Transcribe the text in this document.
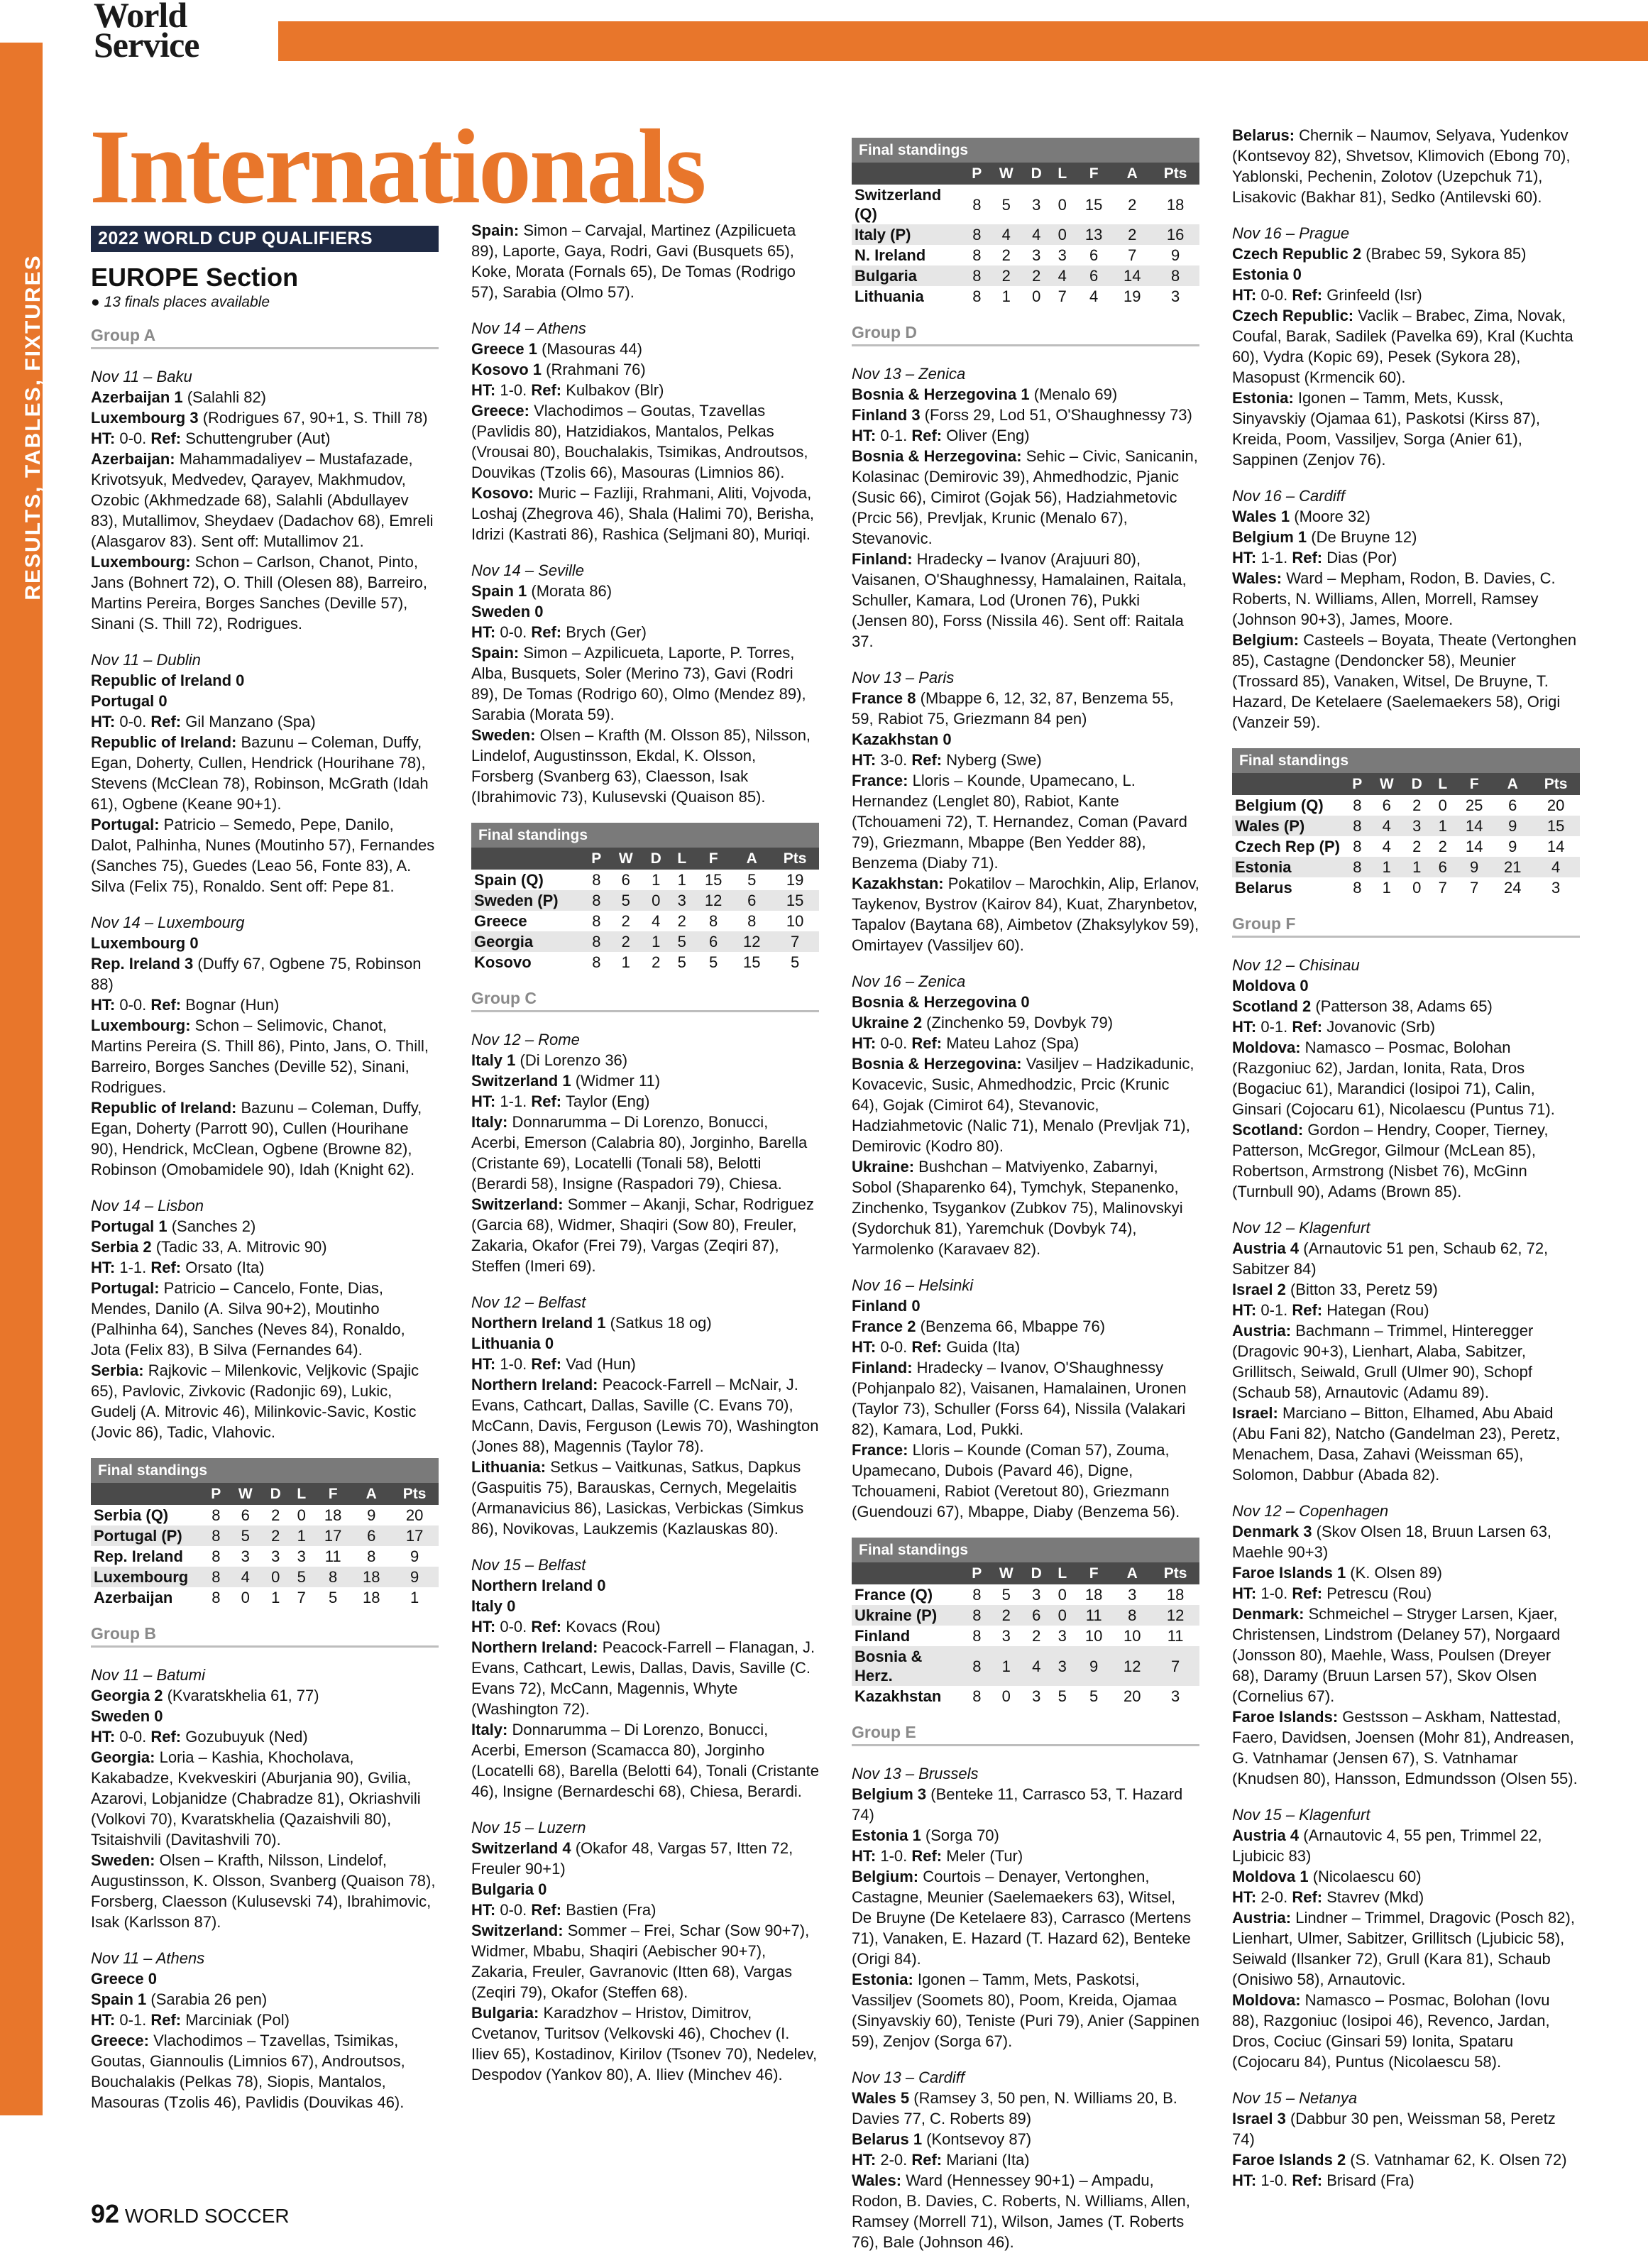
World
Service
RESULTS, TABLES, FIXTURES
Internationals
2022 WORLD CUP QUALIFIERS
EUROPE Section
● 13 finals places available
Group A
Nov 11 – Baku
Azerbaijan 1 (Salahli 82)
Luxembourg 3 (Rodrigues 67, 90+1, S. Thill 78)
HT: 0-0. Ref: Schuttengruber (Aut)
Azerbaijan: Mahammadaliyev – Mustafazade, Krivotsyuk, Medvedev, Qarayev, Makhmudov, Ozobic (Akhmedzade 68), Salahli (Abdullayev 83), Mutallimov, Sheydaev (Dadachov 68), Emreli (Alasgarov 83). Sent off: Mutallimov 21.
Luxembourg: Schon – Carlson, Chanot, Pinto, Jans (Bohnert 72), O. Thill (Olesen 88), Barreiro, Martins Pereira, Borges Sanches (Deville 57), Sinani (S. Thill 72), Rodrigues.
Nov 11 – Dublin
Republic of Ireland 0
Portugal 0
HT: 0-0. Ref: Gil Manzano (Spa)
Republic of Ireland: Bazunu – Coleman, Duffy, Egan, Doherty, Cullen, Hendrick (Hourihane 78), Stevens (McClean 78), Robinson, McGrath (Idah 61), Ogbene (Keane 90+1).
Portugal: Patricio – Semedo, Pepe, Danilo, Dalot, Palhinha, Nunes (Moutinho 57), Fernandes (Sanches 75), Guedes (Leao 56, Fonte 83), A. Silva (Felix 75), Ronaldo. Sent off: Pepe 81.
Nov 14 – Luxembourg
Luxembourg 0
Rep. Ireland 3 (Duffy 67, Ogbene 75, Robinson 88)
HT: 0-0. Ref: Bognar (Hun)
Luxembourg: Schon – Selimovic, Chanot, Martins Pereira (S. Thill 86), Pinto, Jans, O. Thill, Barreiro, Borges Sanches (Deville 52), Sinani, Rodrigues.
Republic of Ireland: Bazunu – Coleman, Duffy, Egan, Doherty (Parrott 90), Cullen (Hourihane 90), Hendrick, McClean, Ogbene (Browne 82), Robinson (Omobamidele 90), Idah (Knight 62).
Nov 14 – Lisbon
Portugal 1 (Sanches 2)
Serbia 2 (Tadic 33, A. Mitrovic 90)
HT: 1-1. Ref: Orsato (Ita)
Portugal: Patricio – Cancelo, Fonte, Dias, Mendes, Danilo (A. Silva 90+2), Moutinho (Palhinha 64), Sanches (Neves 84), Ronaldo, Jota (Felix 83), B Silva (Fernandes 64).
Serbia: Rajkovic – Milenkovic, Veljkovic (Spajic 65), Pavlovic, Zivkovic (Radonjic 69), Lukic, Gudelj (A. Mitrovic 46), Milinkovic-Savic, Kostic (Jovic 86), Tadic, Vlahovic.
Final standings
	P	W	D	L	F	A	Pts
Serbia (Q)	8	6	2	0	18	9	20
Portugal (P)	8	5	2	1	17	6	17
Rep. Ireland	8	3	3	3	11	8	9
Luxembourg	8	4	0	5	8	18	9
Azerbaijan	8	0	1	7	5	18	1
Group B
Nov 11 – Batumi
Georgia 2 (Kvaratskhelia 61, 77)
Sweden 0
HT: 0-0. Ref: Gozubuyuk (Ned)
Georgia: Loria – Kashia, Khocholava, Kakabadze, Kvekveskiri (Aburjania 90), Gvilia, Azarovi, Lobjanidze (Chabradze 81), Okriashvili (Volkovi 70), Kvaratskhelia (Qazaishvili 80), Tsitaishvili (Davitashvili 70).
Sweden: Olsen – Krafth, Nilsson, Lindelof, Augustinsson, K. Olsson, Svanberg (Quaison 78), Forsberg, Claesson (Kulusevski 74), Ibrahimovic, Isak (Karlsson 87).
Nov 11 – Athens
Greece 0
Spain 1 (Sarabia 26 pen)
HT: 0-1. Ref: Marciniak (Pol)
Greece: Vlachodimos – Tzavellas, Tsimikas, Goutas, Giannoulis (Limnios 67), Androutsos, Bouchalakis (Pelkas 78), Siopis, Mantalos, Masouras (Tzolis 46), Pavlidis (Douvikas 46).
Spain: Simon – Carvajal, Martinez (Azpilicueta 89), Laporte, Gaya, Rodri, Gavi (Busquets 65), Koke, Morata (Fornals 65), De Tomas (Rodrigo 57), Sarabia (Olmo 57).
Nov 14 – Athens
Greece 1 (Masouras 44)
Kosovo 1 (Rrahmani 76)
HT: 1-0. Ref: Kulbakov (Blr)
Greece: Vlachodimos – Goutas, Tzavellas (Pavlidis 80), Hatzidiakos, Mantalos, Pelkas (Vrousai 80), Bouchalakis, Tsimikas, Androutsos, Douvikas (Tzolis 66), Masouras (Limnios 86).
Kosovo: Muric – Fazliji, Rrahmani, Aliti, Vojvoda, Loshaj (Zhegrova 46), Shala (Halimi 70), Berisha, Idrizi (Kastrati 86), Rashica (Seljmani 80), Muriqi.
Nov 14 – Seville
Spain 1 (Morata 86)
Sweden 0
HT: 0-0. Ref: Brych (Ger)
Spain: Simon – Azpilicueta, Laporte, P. Torres, Alba, Busquets, Soler (Merino 73), Gavi (Rodri 89), De Tomas (Rodrigo 60), Olmo (Mendez 89), Sarabia (Morata 59).
Sweden: Olsen – Krafth (M. Olsson 85), Nilsson, Lindelof, Augustinsson, Ekdal, K. Olsson, Forsberg (Svanberg 63), Claesson, Isak (Ibrahimovic 73), Kulusevski (Quaison 85).
Final standings
	P	W	D	L	F	A	Pts
Spain (Q)	8	6	1	1	15	5	19
Sweden (P)	8	5	0	3	12	6	15
Greece	8	2	4	2	8	8	10
Georgia	8	2	1	5	6	12	7
Kosovo	8	1	2	5	5	15	5
Group C
Nov 12 – Rome
Italy 1 (Di Lorenzo 36)
Switzerland 1 (Widmer 11)
HT: 1-1. Ref: Taylor (Eng)
Italy: Donnarumma – Di Lorenzo, Bonucci, Acerbi, Emerson (Calabria 80), Jorginho, Barella (Cristante 69), Locatelli (Tonali 58), Belotti (Berardi 58), Insigne (Raspadori 79), Chiesa.
Switzerland: Sommer – Akanji, Schar, Rodriguez (Garcia 68), Widmer, Shaqiri (Sow 80), Freuler, Zakaria, Okafor (Frei 79), Vargas (Zeqiri 87), Steffen (Imeri 69).
Nov 12 – Belfast
Northern Ireland 1 (Satkus 18 og)
Lithuania 0
HT: 1-0. Ref: Vad (Hun)
Northern Ireland: Peacock-Farrell – McNair, J. Evans, Cathcart, Dallas, Saville (C. Evans 70), McCann, Davis, Ferguson (Lewis 70), Washington (Jones 88), Magennis (Taylor 78).
Lithuania: Setkus – Vaitkunas, Satkus, Dapkus (Gaspuitis 75), Barauskas, Cernych, Megelaitis (Armanavicius 86), Lasickas, Verbickas (Simkus 86), Novikovas, Laukzemis (Kazlauskas 80).
Nov 15 – Belfast
Northern Ireland 0
Italy 0
HT: 0-0. Ref: Kovacs (Rou)
Northern Ireland: Peacock-Farrell – Flanagan, J. Evans, Cathcart, Lewis, Dallas, Davis, Saville (C. Evans 72), McCann, Magennis, Whyte (Washington 72).
Italy: Donnarumma – Di Lorenzo, Bonucci, Acerbi, Emerson (Scamacca 80), Jorginho (Locatelli 68), Barella (Belotti 64), Tonali (Cristante 46), Insigne (Bernardeschi 68), Chiesa, Berardi.
Nov 15 – Luzern
Switzerland 4 (Okafor 48, Vargas 57, Itten 72, Freuler 90+1)
Bulgaria 0
HT: 0-0. Ref: Bastien (Fra)
Switzerland: Sommer – Frei, Schar (Sow 90+7), Widmer, Mbabu, Shaqiri (Aebischer 90+7), Zakaria, Freuler, Gavranovic (Itten 68), Vargas (Zeqiri 79), Okafor (Steffen 68).
Bulgaria: Karadzhov – Hristov, Dimitrov, Cvetanov, Turitsov (Velkovski 46), Chochev (I. Iliev 65), Kostadinov, Kirilov (Tsonev 70), Nedelev, Despodov (Yankov 80), A. Iliev (Minchev 46).
Final standings
	P	W	D	L	F	A	Pts
Switzerland (Q)	8	5	3	0	15	2	18
Italy (P)	8	4	4	0	13	2	16
N. Ireland	8	2	3	3	6	7	9
Bulgaria	8	2	2	4	6	14	8
Lithuania	8	1	0	7	4	19	3
Group D
Nov 13 – Zenica
Bosnia & Herzegovina 1 (Menalo 69)
Finland 3 (Forss 29, Lod 51, O'Shaughnessy 73)
HT: 0-1. Ref: Oliver (Eng)
Bosnia & Herzegovina: Sehic – Civic, Sanicanin, Kolasinac (Demirovic 39), Ahmedhodzic, Pjanic (Susic 66), Cimirot (Gojak 56), Hadziahmetovic (Prcic 56), Prevljak, Krunic (Menalo 67), Stevanovic.
Finland: Hradecky – Ivanov (Arajuuri 80), Vaisanen, O'Shaughnessy, Hamalainen, Raitala, Schuller, Kamara, Lod (Uronen 76), Pukki (Jensen 80), Forss (Nissila 46). Sent off: Raitala 37.
Nov 13 – Paris
France 8 (Mbappe 6, 12, 32, 87, Benzema 55, 59, Rabiot 75, Griezmann 84 pen)
Kazakhstan 0
HT: 3-0. Ref: Nyberg (Swe)
France: Lloris – Kounde, Upamecano, L. Hernandez (Lenglet 80), Rabiot, Kante (Tchouameni 72), T. Hernandez, Coman (Pavard 79), Griezmann, Mbappe (Ben Yedder 88), Benzema (Diaby 71).
Kazakhstan: Pokatilov – Marochkin, Alip, Erlanov, Taykenov, Bystrov (Kairov 84), Kuat, Zharynbetov, Tapalov (Baytana 68), Aimbetov (Zhaksylykov 59), Omirtayev (Vassiljev 60).
Nov 16 – Zenica
Bosnia & Herzegovina 0
Ukraine 2 (Zinchenko 59, Dovbyk 79)
HT: 0-0. Ref: Mateu Lahoz (Spa)
Bosnia & Herzegovina: Vasiljev – Hadzikadunic, Kovacevic, Susic, Ahmedhodzic, Prcic (Krunic 64), Gojak (Cimirot 64), Stevanovic, Hadziahmetovic (Nalic 71), Menalo (Prevljak 71), Demirovic (Kodro 80).
Ukraine: Bushchan – Matviyenko, Zabarnyi, Sobol (Shaparenko 64), Tymchyk, Stepanenko, Zinchenko, Tsygankov (Zubkov 75), Malinovskyi (Sydorchuk 81), Yaremchuk (Dovbyk 74), Yarmolenko (Karavaev 82).
Nov 16 – Helsinki
Finland 0
France 2 (Benzema 66, Mbappe 76)
HT: 0-0. Ref: Guida (Ita)
Finland: Hradecky – Ivanov, O'Shaughnessy (Pohjanpalo 82), Vaisanen, Hamalainen, Uronen (Taylor 73), Schuller (Forss 64), Nissila (Valakari 82), Kamara, Lod, Pukki.
France: Lloris – Kounde (Coman 57), Zouma, Upamecano, Dubois (Pavard 46), Digne, Tchouameni, Rabiot (Veretout 80), Griezmann (Guendouzi 67), Mbappe, Diaby (Benzema 56).
Final standings
	P	W	D	L	F	A	Pts
France (Q)	8	5	3	0	18	3	18
Ukraine (P)	8	2	6	0	11	8	12
Finland	8	3	2	3	10	10	11
Bosnia & Herz.	8	1	4	3	9	12	7
Kazakhstan	8	0	3	5	5	20	3
Group E
Nov 13 – Brussels
Belgium 3 (Benteke 11, Carrasco 53, T. Hazard 74)
Estonia 1 (Sorga 70)
HT: 1-0. Ref: Meler (Tur)
Belgium: Courtois – Denayer, Vertonghen, Castagne, Meunier (Saelemaekers 63), Witsel, De Bruyne (De Ketelaere 83), Carrasco (Mertens 71), Vanaken, E. Hazard (T. Hazard 62), Benteke (Origi 84).
Estonia: Igonen – Tamm, Mets, Paskotsi, Vassiljev (Soomets 80), Poom, Kreida, Ojamaa (Sinyavskiy 60), Teniste (Puri 79), Anier (Sappinen 59), Zenjov (Sorga 67).
Nov 13 – Cardiff
Wales 5 (Ramsey 3, 50 pen, N. Williams 20, B. Davies 77, C. Roberts 89)
Belarus 1 (Kontsevoy 87)
HT: 2-0. Ref: Mariani (Ita)
Wales: Ward (Hennessey 90+1) – Ampadu, Rodon, B. Davies, C. Roberts, N. Williams, Allen, Ramsey (Morrell 71), Wilson, James (T. Roberts 76), Bale (Johnson 46).
Belarus: Chernik – Naumov, Selyava, Yudenkov (Kontsevoy 82), Shvetsov, Klimovich (Ebong 70), Yablonski, Pechenin, Zolotov (Uzepchuk 71), Lisakovic (Bakhar 81), Sedko (Antilevski 60).
Nov 16 – Prague
Czech Republic 2 (Brabec 59, Sykora 85)
Estonia 0
HT: 0-0. Ref: Grinfeeld (Isr)
Czech Republic: Vaclik – Brabec, Zima, Novak, Coufal, Barak, Sadilek (Pavelka 69), Kral (Kuchta 60), Vydra (Kopic 69), Pesek (Sykora 28), Masopust (Krmencik 60).
Estonia: Igonen – Tamm, Mets, Kussk, Sinyavskiy (Ojamaa 61), Paskotsi (Kirss 87), Kreida, Poom, Vassiljev, Sorga (Anier 61), Sappinen (Zenjov 76).
Nov 16 – Cardiff
Wales 1 (Moore 32)
Belgium 1 (De Bruyne 12)
HT: 1-1. Ref: Dias (Por)
Wales: Ward – Mepham, Rodon, B. Davies, C. Roberts, N. Williams, Allen, Morrell, Ramsey (Johnson 90+3), James, Moore.
Belgium: Casteels – Boyata, Theate (Vertonghen 85), Castagne (Dendoncker 58), Meunier (Trossard 85), Vanaken, Witsel, De Bruyne, T. Hazard, De Ketelaere (Saelemaekers 58), Origi (Vanzeir 59).
Final standings
	P	W	D	L	F	A	Pts
Belgium (Q)	8	6	2	0	25	6	20
Wales (P)	8	4	3	1	14	9	15
Czech Rep (P)	8	4	2	2	14	9	14
Estonia	8	1	1	6	9	21	4
Belarus	8	1	0	7	7	24	3
Group F
Nov 12 – Chisinau
Moldova 0
Scotland 2 (Patterson 38, Adams 65)
HT: 0-1. Ref: Jovanovic (Srb)
Moldova: Namasco – Posmac, Bolohan (Razgoniuc 62), Jardan, Ionita, Rata, Dros (Bogaciuc 61), Marandici (Iosipoi 71), Calin, Ginsari (Cojocaru 61), Nicolaescu (Puntus 71).
Scotland: Gordon – Hendry, Cooper, Tierney, Patterson, McGregor, Gilmour (McLean 85), Robertson, Armstrong (Nisbet 76), McGinn (Turnbull 90), Adams (Brown 85).
Nov 12 – Klagenfurt
Austria 4 (Arnautovic 51 pen, Schaub 62, 72, Sabitzer 84)
Israel 2 (Bitton 33, Peretz 59)
HT: 0-1. Ref: Hategan (Rou)
Austria: Bachmann – Trimmel, Hinteregger (Dragovic 90+3), Lienhart, Alaba, Sabitzer, Grillitsch, Seiwald, Grull (Ulmer 90), Schopf (Schaub 58), Arnautovic (Adamu 89).
Israel: Marciano – Bitton, Elhamed, Abu Abaid (Abu Fani 82), Natcho (Gandelman 23), Peretz, Menachem, Dasa, Zahavi (Weissman 65), Solomon, Dabbur (Abada 82).
Nov 12 – Copenhagen
Denmark 3 (Skov Olsen 18, Bruun Larsen 63, Maehle 90+3)
Faroe Islands 1 (K. Olsen 89)
HT: 1-0. Ref: Petrescu (Rou)
Denmark: Schmeichel – Stryger Larsen, Kjaer, Christensen, Lindstrom (Delaney 57), Norgaard (Jonsson 80), Maehle, Wass, Poulsen (Dreyer 68), Daramy (Bruun Larsen 57), Skov Olsen (Cornelius 67).
Faroe Islands: Gestsson – Askham, Nattestad, Faero, Davidsen, Joensen (Mohr 81), Andreasen, G. Vatnhamar (Jensen 67), S. Vatnhamar (Knudsen 80), Hansson, Edmundsson (Olsen 55).
Nov 15 – Klagenfurt
Austria 4 (Arnautovic 4, 55 pen, Trimmel 22, Ljubicic 83)
Moldova 1 (Nicolaescu 60)
HT: 2-0. Ref: Stavrev (Mkd)
Austria: Lindner – Trimmel, Dragovic (Posch 82), Lienhart, Ulmer, Sabitzer, Grillitsch (Ljubicic 58), Seiwald (Ilsanker 72), Grull (Kara 81), Schaub (Onisiwo 58), Arnautovic.
Moldova: Namasco – Posmac, Bolohan (Iovu 88), Razgoniuc (Iosipoi 46), Revenco, Jardan, Dros, Cociuc (Ginsari 59) Ionita, Spataru (Cojocaru 84), Puntus (Nicolaescu 58).
Nov 15 – Netanya
Israel 3 (Dabbur 30 pen, Weissman 58, Peretz 74)
Faroe Islands 2 (S. Vatnhamar 62, K. Olsen 72)
HT: 1-0. Ref: Brisard (Fra)
92 WORLD SOCCER
